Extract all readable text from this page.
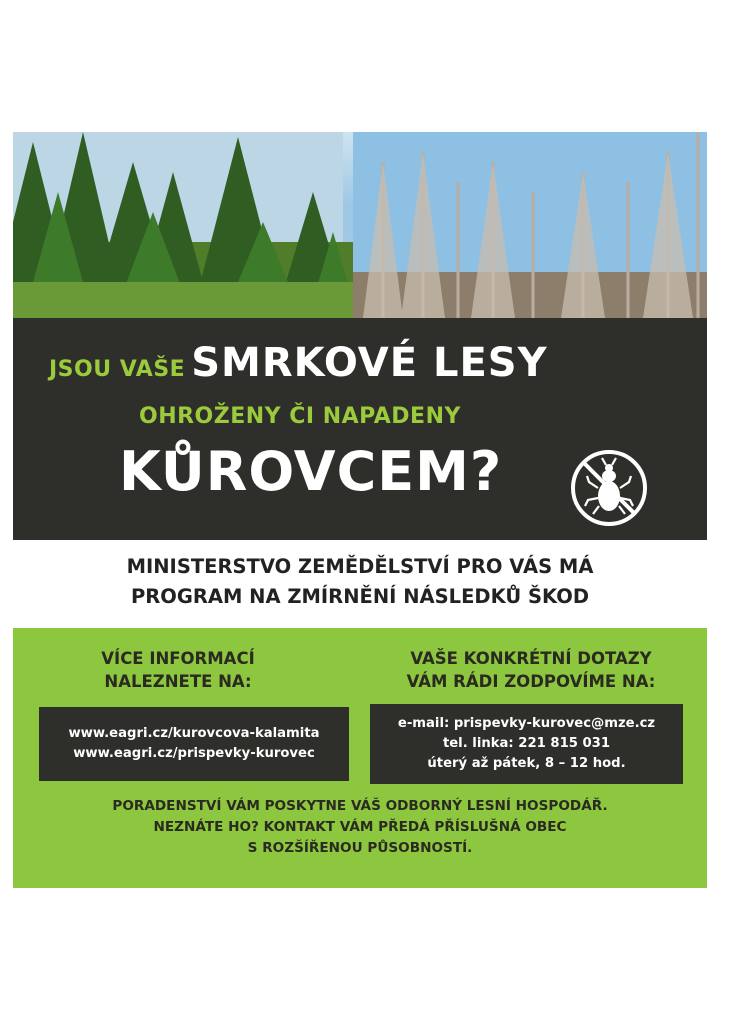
JSOU VAŠE SMRKOVÉ LESY
OHROŽENY ČI NAPADENY
KŮROVCEM?
MINISTERSTVO ZEMĚDĚLSTVÍ PRO VÁS MÁ
PROGRAM NA ZMÍRNĚNÍ NÁSLEDKŮ ŠKOD
VÍCE INFORMACÍ
NALEZNETE NA:
VAŠE KONKRÉTNÍ DOTAZY
VÁM RÁDI ZODPOVÍME NA:
www.eagri.cz/kurovcova-kalamita
www.eagri.cz/prispevky-kurovec
e-mail: prispevky-kurovec@mze.cz
tel. linka: 221 815 031
úterý až pátek, 8 – 12 hod.
PORADENSTVÍ VÁM POSKYTNE VÁŠ ODBORNÝ LESNÍ HOSPODÁŘ.
NEZNÁTE HO? KONTAKT VÁM PŘEDÁ PŘÍSLUŠNÁ OBEC
S ROZŠÍŘENOU PŮSOBNOSTÍ.
